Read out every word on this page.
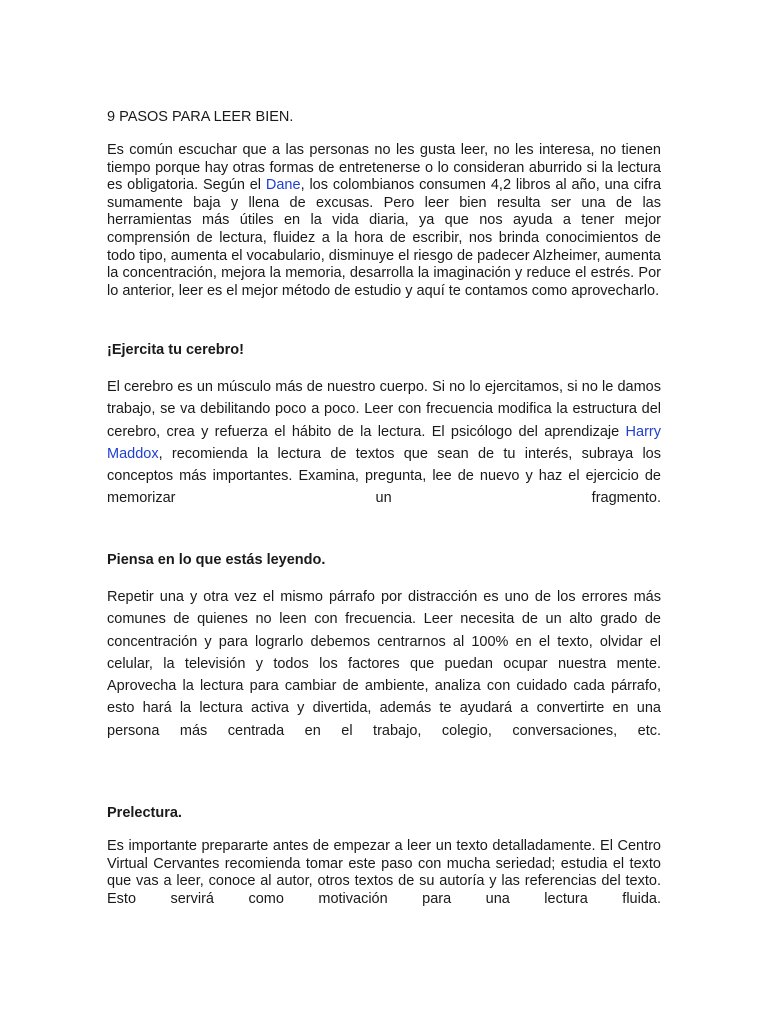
9 PASOS PARA LEER BIEN.

Es común escuchar que a las personas no les gusta leer, no les interesa, no tienen tiempo porque hay otras formas de entretenerse o lo consideran aburrido si la lectura es obligatoria. Según el Dane, los colombianos consumen 4,2 libros al año, una cifra sumamente baja y llena de excusas. Pero leer bien resulta ser una de las herramientas más útiles en la vida diaria, ya que nos ayuda a tener mejor comprensión de lectura, fluidez a la hora de escribir, nos brinda conocimientos de todo tipo, aumenta el vocabulario, disminuye el riesgo de padecer Alzheimer, aumenta la concentración, mejora la memoria, desarrolla la imaginación y reduce el estrés. Por lo anterior, leer es el mejor método de estudio y aquí te contamos como aprovecharlo.

¡Ejercita tu cerebro!

El cerebro es un músculo más de nuestro cuerpo. Si no lo ejercitamos, si no le damos trabajo, se va debilitando poco a poco. Leer con frecuencia modifica la estructura del cerebro, crea y refuerza el hábito de la lectura. El psicólogo del aprendizaje Harry Maddox, recomienda la lectura de textos que sean de tu interés, subraya los conceptos más importantes. Examina, pregunta, lee de nuevo y haz el ejercicio de memorizar un fragmento.

Piensa en lo que estás leyendo.

Repetir una y otra vez el mismo párrafo por distracción es uno de los errores más comunes de quienes no leen con frecuencia. Leer necesita de un alto grado de concentración y para lograrlo debemos centrarnos al 100% en el texto, olvidar el celular, la televisión y todos los factores que puedan ocupar nuestra mente. Aprovecha la lectura para cambiar de ambiente, analiza con cuidado cada párrafo, esto hará la lectura activa y divertida, además te ayudará a convertirte en una persona más centrada en el trabajo, colegio, conversaciones, etc.

Prelectura.

Es importante prepararte antes de empezar a leer un texto detalladamente. El Centro Virtual Cervantes recomienda tomar este paso con mucha seriedad; estudia el texto que vas a leer, conoce al autor, otros textos de su autoría y las referencias del texto. Esto servirá como motivación para una lectura fluida.
